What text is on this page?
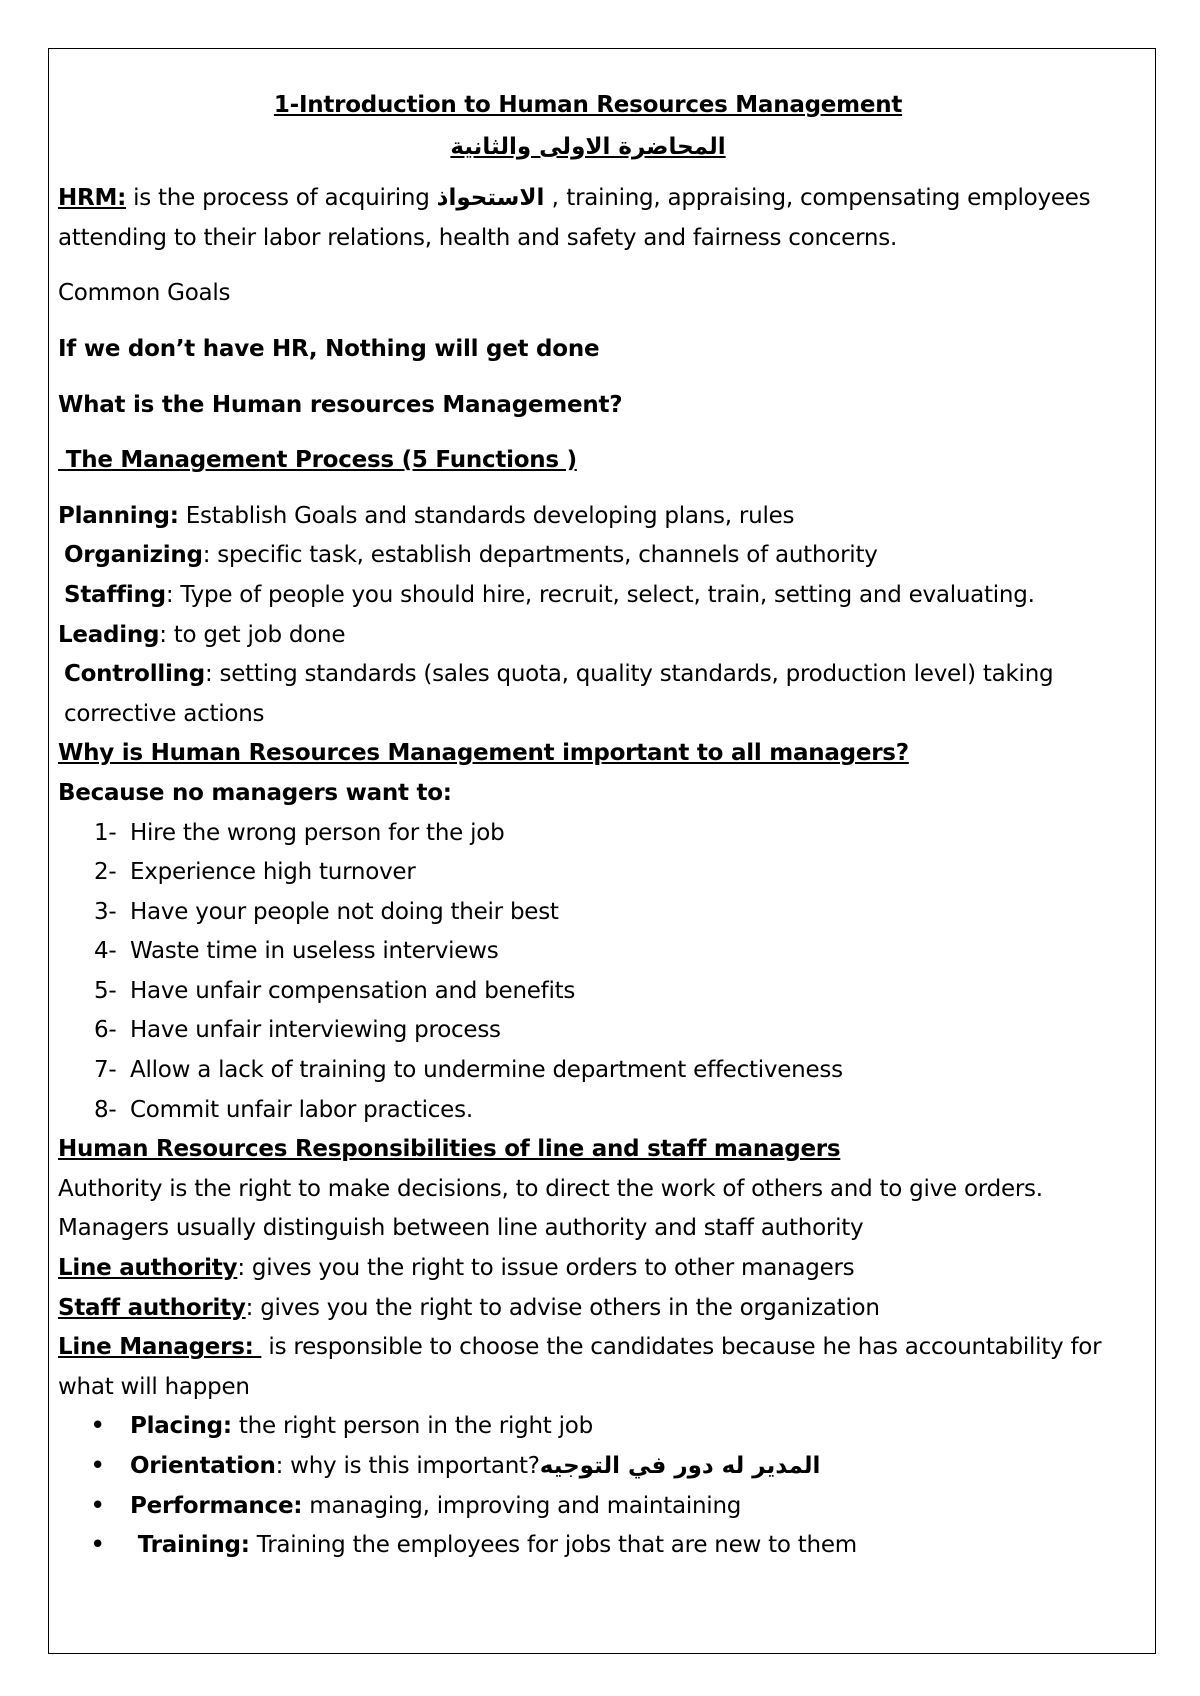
1-Introduction to Human Resources Management

المحاضرة الاولى والثانية

HRM: is the process of acquiring الاستحواذ , training, appraising, compensating employees attending to their labor relations, health and safety and fairness concerns.

Common Goals

If we don’t have HR, Nothing will get done

What is the Human resources Management?

The Management Process (5 Functions )

Planning: Establish Goals and standards developing plans, rules

Organizing: specific task, establish departments, channels of authority

Staffing: Type of people you should hire, recruit, select, train, setting and evaluating.

Leading: to get job done

Controlling: setting standards (sales quota, quality standards, production level) taking corrective actions

Why is Human Resources Management important to all managers?

Because no managers want to:

1- Hire the wrong person for the job
2- Experience high turnover
3- Have your people not doing their best
4- Waste time in useless interviews
5- Have unfair compensation and benefits
6- Have unfair interviewing process
7- Allow a lack of training to undermine department effectiveness
8- Commit unfair labor practices.

Human Resources Responsibilities of line and staff managers

Authority is the right to make decisions, to direct the work of others and to give orders. Managers usually distinguish between line authority and staff authority

Line authority: gives you the right to issue orders to other managers

Staff authority: gives you the right to advise others in the organization

Line Managers:  is responsible to choose the candidates because he has accountability for what will happen

• Placing: the right person in the right job
• Orientation: why is this important?المدير له دور في التوجيه
• Performance: managing, improving and maintaining
•  Training: Training the employees for jobs that are new to them
